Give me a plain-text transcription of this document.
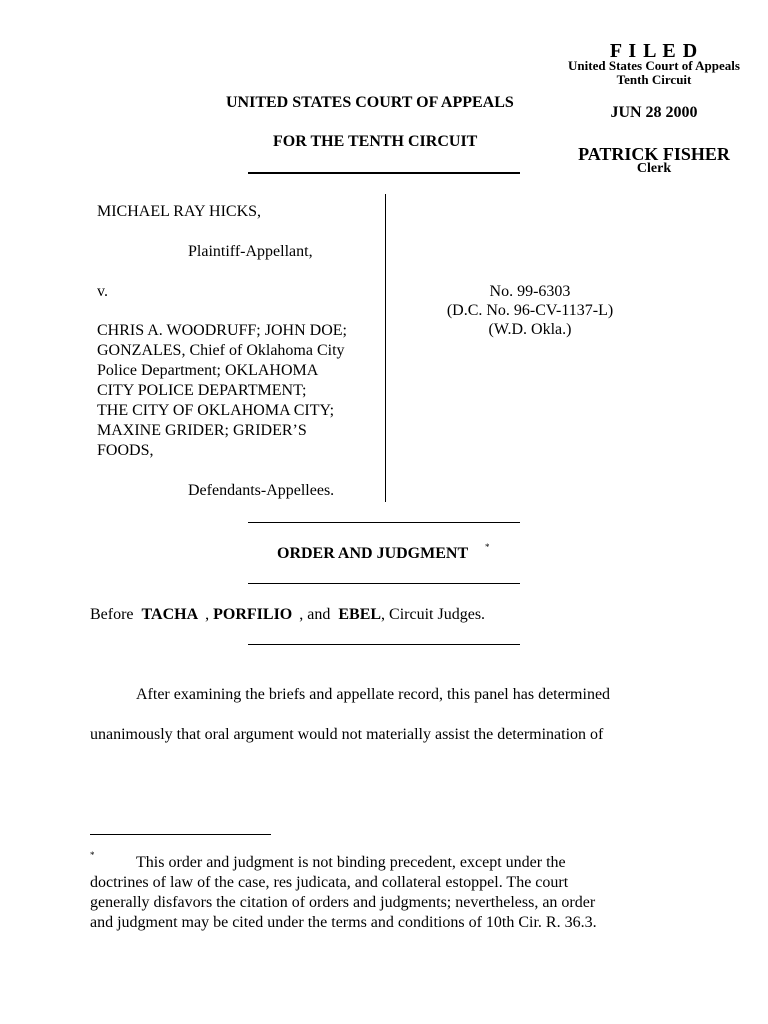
F I L E D
United States Court of Appeals
Tenth Circuit
JUN 28 2000
PATRICK FISHER
Clerk
UNITED STATES COURT OF APPEALS
FOR THE TENTH CIRCUIT
MICHAEL RAY HICKS,
Plaintiff-Appellant,
v.
CHRIS A. WOODRUFF; JOHN DOE;
GONZALES, Chief of Oklahoma City
Police Department; OKLAHOMA
CITY POLICE DEPARTMENT;
THE CITY OF OKLAHOMA CITY;
MAXINE GRIDER; GRIDER’S
FOODS,
Defendants-Appellees.
No. 99-6303
(D.C. No. 96-CV-1137-L)
(W.D. Okla.)
ORDER AND JUDGMENT *
Before TACHA , PORFILIO , and EBEL, Circuit Judges.
After examining the briefs and appellate record, this panel has determined
unanimously that oral argument would not materially assist the determination of
*	This order and judgment is not binding precedent, except under the
doctrines of law of the case, res judicata, and collateral estoppel. The court
generally disfavors the citation of orders and judgments; nevertheless, an order
and judgment may be cited under the terms and conditions of 10th Cir. R. 36.3.
